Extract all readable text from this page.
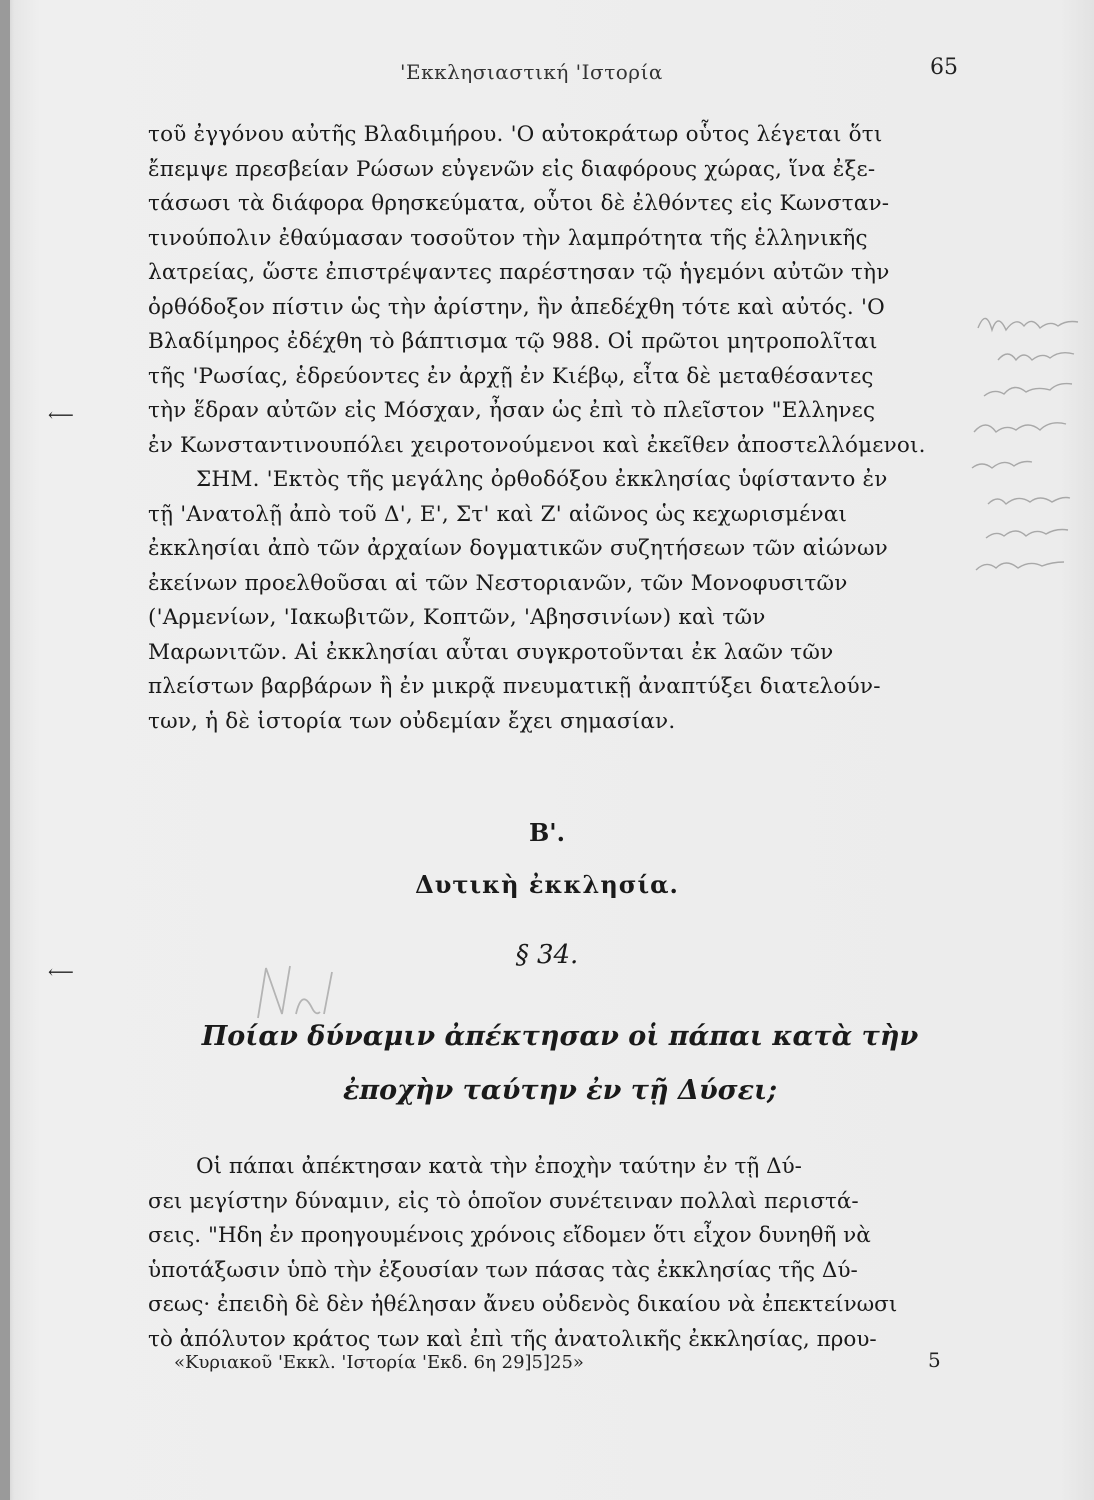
⟵
⟵
'Εκκλησιαστική 'Ιστορία	65
τοῦ ἐγγόνου αὐτῆς Βλαδιμήρου. 'Ο αὐτοκράτωρ οὗτος λέγεται ὅτι
ἔπεμψε πρεσβείαν Ρώσων εὐγενῶν εἰς διαφόρους χώρας, ἵνα ἐξε-
τάσωσι τὰ διάφορα θρησκεύματα, οὗτοι δὲ ἐλθόντες εἰς Κωνσταν-
τινούπολιν ἐθαύμασαν τοσοῦτον τὴν λαμπρότητα τῆς ἑλληνικῆς
λατρείας, ὥστε ἐπιστρέψαντες παρέστησαν τῷ ἡγεμόνι αὐτῶν τὴν
ὀρθόδοξον πίστιν ὡς τὴν ἀρίστην, ἣν ἀπεδέχθη τότε καὶ αὐτός. 'Ο
Βλαδίμηρος ἐδέχθη τὸ βάπτισμα τῷ 988. Οἱ πρῶτοι μητροπολῖται
τῆς 'Ρωσίας, ἑδρεύοντες ἐν ἀρχῇ ἐν Κιέβῳ, εἶτα δὲ μεταθέσαντες
τὴν ἕδραν αὐτῶν εἰς Μόσχαν, ἦσαν ὡς ἐπὶ τὸ πλεῖστον "Ελληνες
ἐν Κωνσταντινουπόλει χειροτονούμενοι καὶ ἐκεῖθεν ἀποστελλόμενοι.
ΣΗΜ. 'Εκτὸς τῆς μεγάλης ὀρθοδόξου ἐκκλησίας ὑφίσταντο ἐν
τῇ 'Ανατολῇ ἀπὸ τοῦ Δ', Ε', Στ' καὶ Ζ' αἰῶνος ὡς κεχωρισμέναι
ἐκκλησίαι ἀπὸ τῶν ἀρχαίων δογματικῶν συζητήσεων τῶν αἰώνων
ἐκείνων προελθοῦσαι αἱ τῶν Νεστοριανῶν, τῶν Μονοφυσιτῶν
('Αρμενίων, 'Ιακωβιτῶν, Κοπτῶν, 'Αβησσινίων) καὶ τῶν
Μαρωνιτῶν. Αἱ ἐκκλησίαι αὗται συγκροτοῦνται ἐκ λαῶν τῶν
πλείστων βαρβάρων ἢ ἐν μικρᾷ πνευματικῇ ἀναπτύξει διατελούν-
των, ἡ δὲ ἱστορία των οὐδεμίαν ἔχει σημασίαν.
Β'.
Δυτικὴ ἐκκλησία.
§ 34.
Ποίαν δύναμιν ἀπέκτησαν οἱ πάπαι κατὰ τὴν
ἐποχὴν ταύτην ἐν τῇ Δύσει;
Οἱ πάπαι ἀπέκτησαν κατὰ τὴν ἐποχὴν ταύτην ἐν τῇ Δύ-
σει μεγίστην δύναμιν, εἰς τὸ ὁποῖον συνέτειναν πολλαὶ περιστά-
σεις. "Ηδη ἐν προηγουμένοις χρόνοις εἴδομεν ὅτι εἶχον δυνηθῆ νὰ
ὑποτάξωσιν ὑπὸ τὴν ἐξουσίαν των πάσας τὰς ἐκκλησίας τῆς Δύ-
σεως· ἐπειδὴ δὲ δὲν ἠθέλησαν ἄνευ οὐδενὸς δικαίου νὰ ἐπεκτείνωσι
τὸ ἀπόλυτον κράτος των καὶ ἐπὶ τῆς ἀνατολικῆς ἐκκλησίας, πρου-
«Κυριακοῦ 'Εκκλ. 'Ιστορία 'Εκδ. 6η 29]5]25»	5
